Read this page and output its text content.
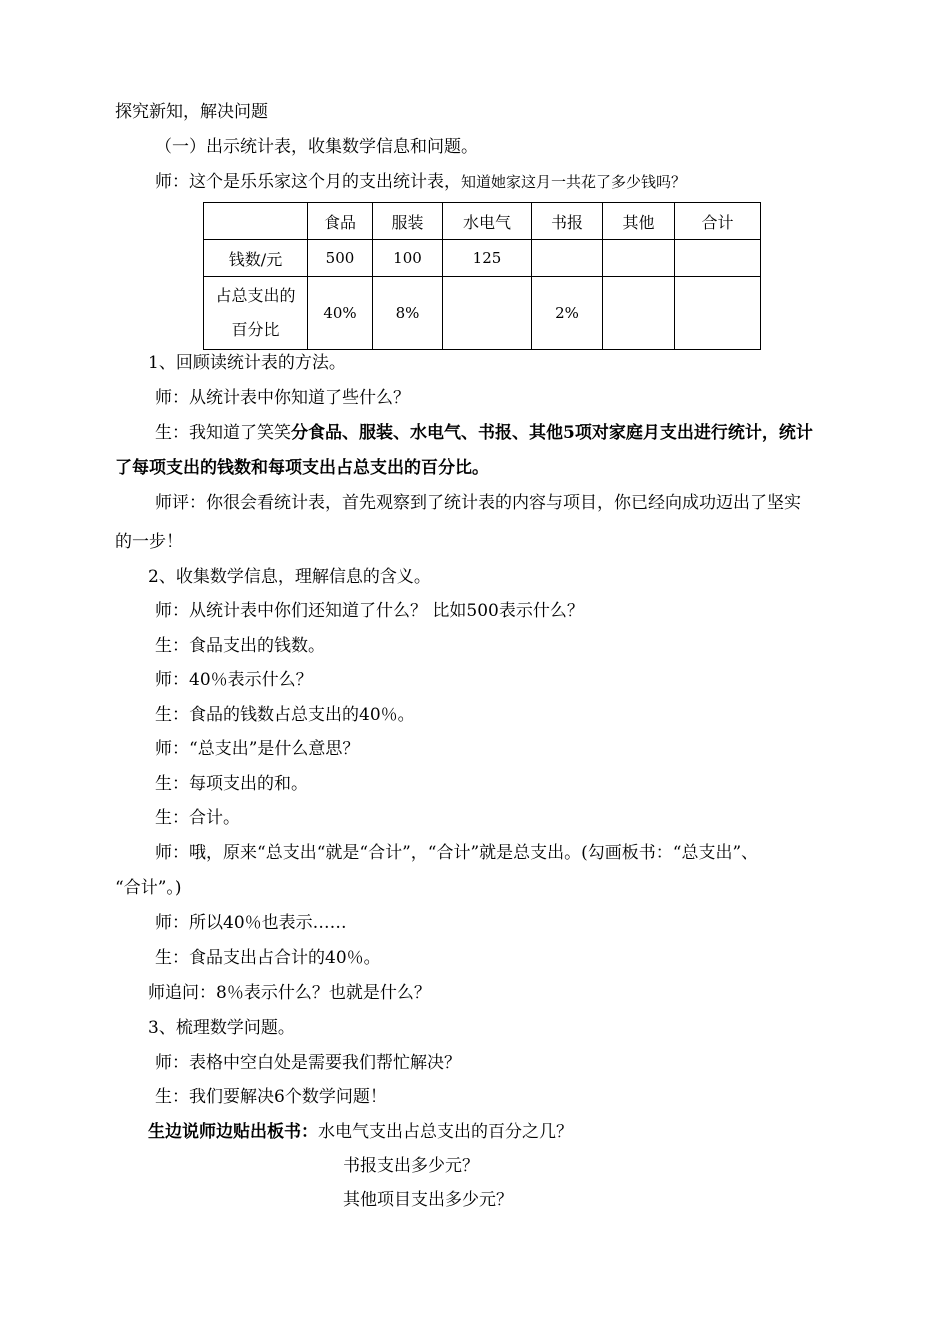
探究新知，解决问题
（一）出示统计表，收集数学信息和问题。
师：这个是乐乐家这个月的支出统计表，知道她家这月一共花了多少钱吗？
	食品	服装	水电气	书报	其他	合计
钱数/元	500	100	125			

占总支出的
百分比	40%	8%		2%		
1、回顾读统计表的方法。
师：从统计表中你知道了些什么？
生：我知道了笑笑分食品、服装、水电气、书报、其他5项对家庭月支出进行统计，统计
了每项支出的钱数和每项支出占总支出的百分比。
师评：你很会看统计表，首先观察到了统计表的内容与项目，你已经向成功迈出了坚实
的一步！
2、收集数学信息，理解信息的含义。
师：从统计表中你们还知道了什么？ 比如500表示什么？
生：食品支出的钱数。
师：40％表示什么？
生：食品的钱数占总支出的40％。
师：“总支出”是什么意思？
生：每项支出的和。
生：合计。
师：哦，原来“总支出“就是“合计”，“合计”就是总支出。(勾画板书：“总支出”、
“合计”。)
师：所以40％也表示……
生：食品支出占合计的40％。
师追问：8％表示什么？也就是什么？
3、梳理数学问题。
师：表格中空白处是需要我们帮忙解决？
生：我们要解决6个数学问题！
生边说师边贴出板书：水电气支出占总支出的百分之几？
书报支出多少元？
其他项目支出多少元？
